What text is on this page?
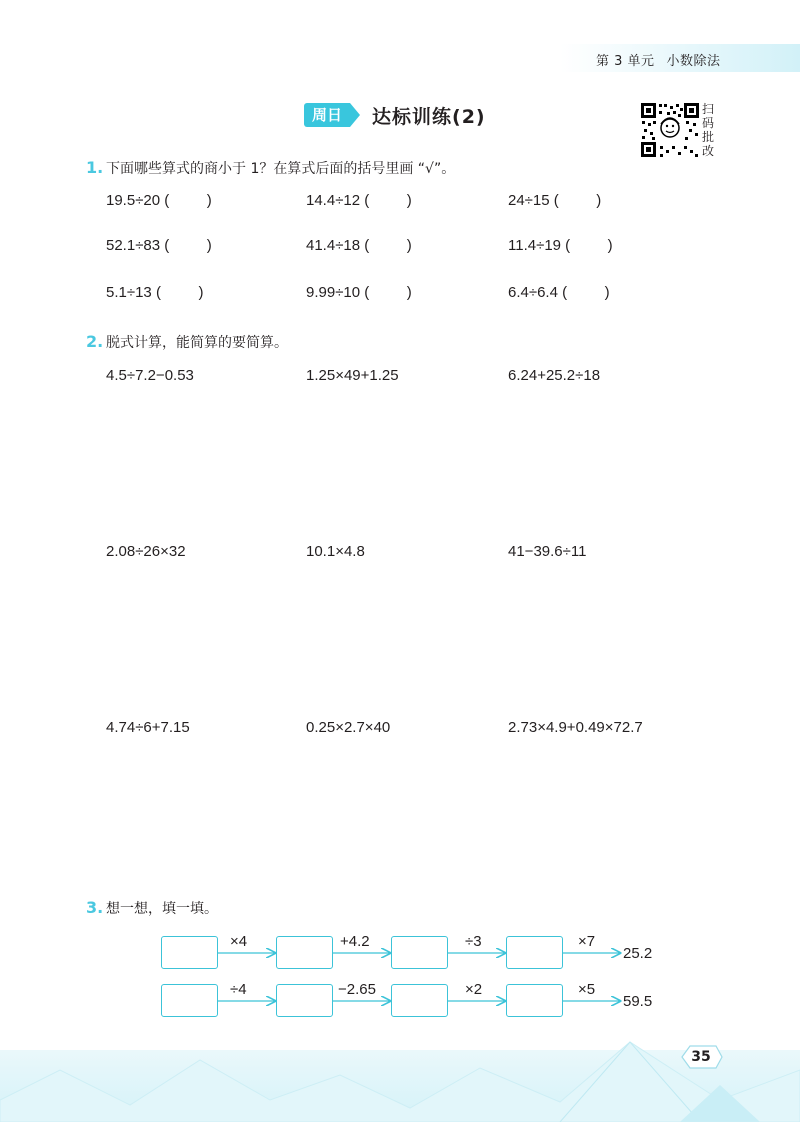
第 3 单元 小数除法
周日	达标训练(2)	扫
码
批
改
1. 下面哪些算式的商小于 1？在算式后面的括号里画 “√”。
19.5÷20 (   	)	14.4÷12 (   	)	24÷15 (   	)
52.1÷83 (   	)	41.4÷18 (   	)	11.4÷19 (   	)
5.1÷13 (   	)	9.99÷10 (   	)	6.4÷6.4 (   	)
2. 脱式计算，能简算的要简算。
4.5÷7.2−0.53	1.25×49+1.25	6.24+25.2÷18
2.08÷26×32	10.1×4.8	41−39.6÷11
4.74÷6+7.15	0.25×2.7×40	2.73×4.9+0.49×72.7
3. 想一想，填一填。
×4	+4.2	÷3	×7
25.2
÷4	−2.65	×2	×5
59.5
35
